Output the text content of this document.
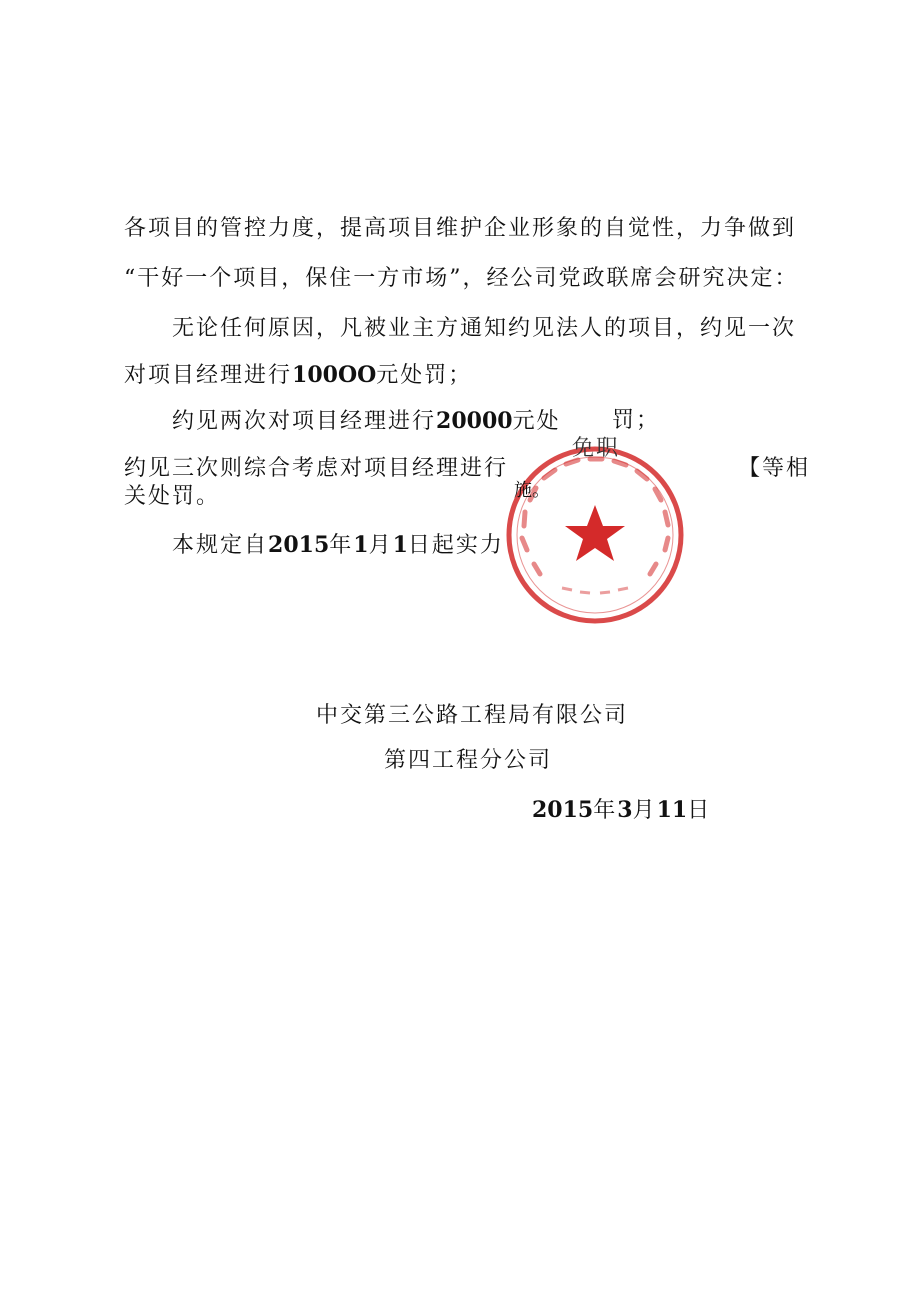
各项目的管控力度，提高项目维护企业形象的自觉性，力争做到
“干好一个项目，保住一方市场”，经公司党政联席会研究决定：
无论任何原因，凡被业主方通知约见法人的项目，约见一次
对项目经理进行100OO元处罚；
约见两次对项目经理进行20000元处 罚；
免职
约见三次则综合考虑对项目经理进行	【等相
关处罚。	施。
本规定自2015年1月1日起实力
中交第三公路工程局有限公司
第四工程分公司
2015年3月11日
